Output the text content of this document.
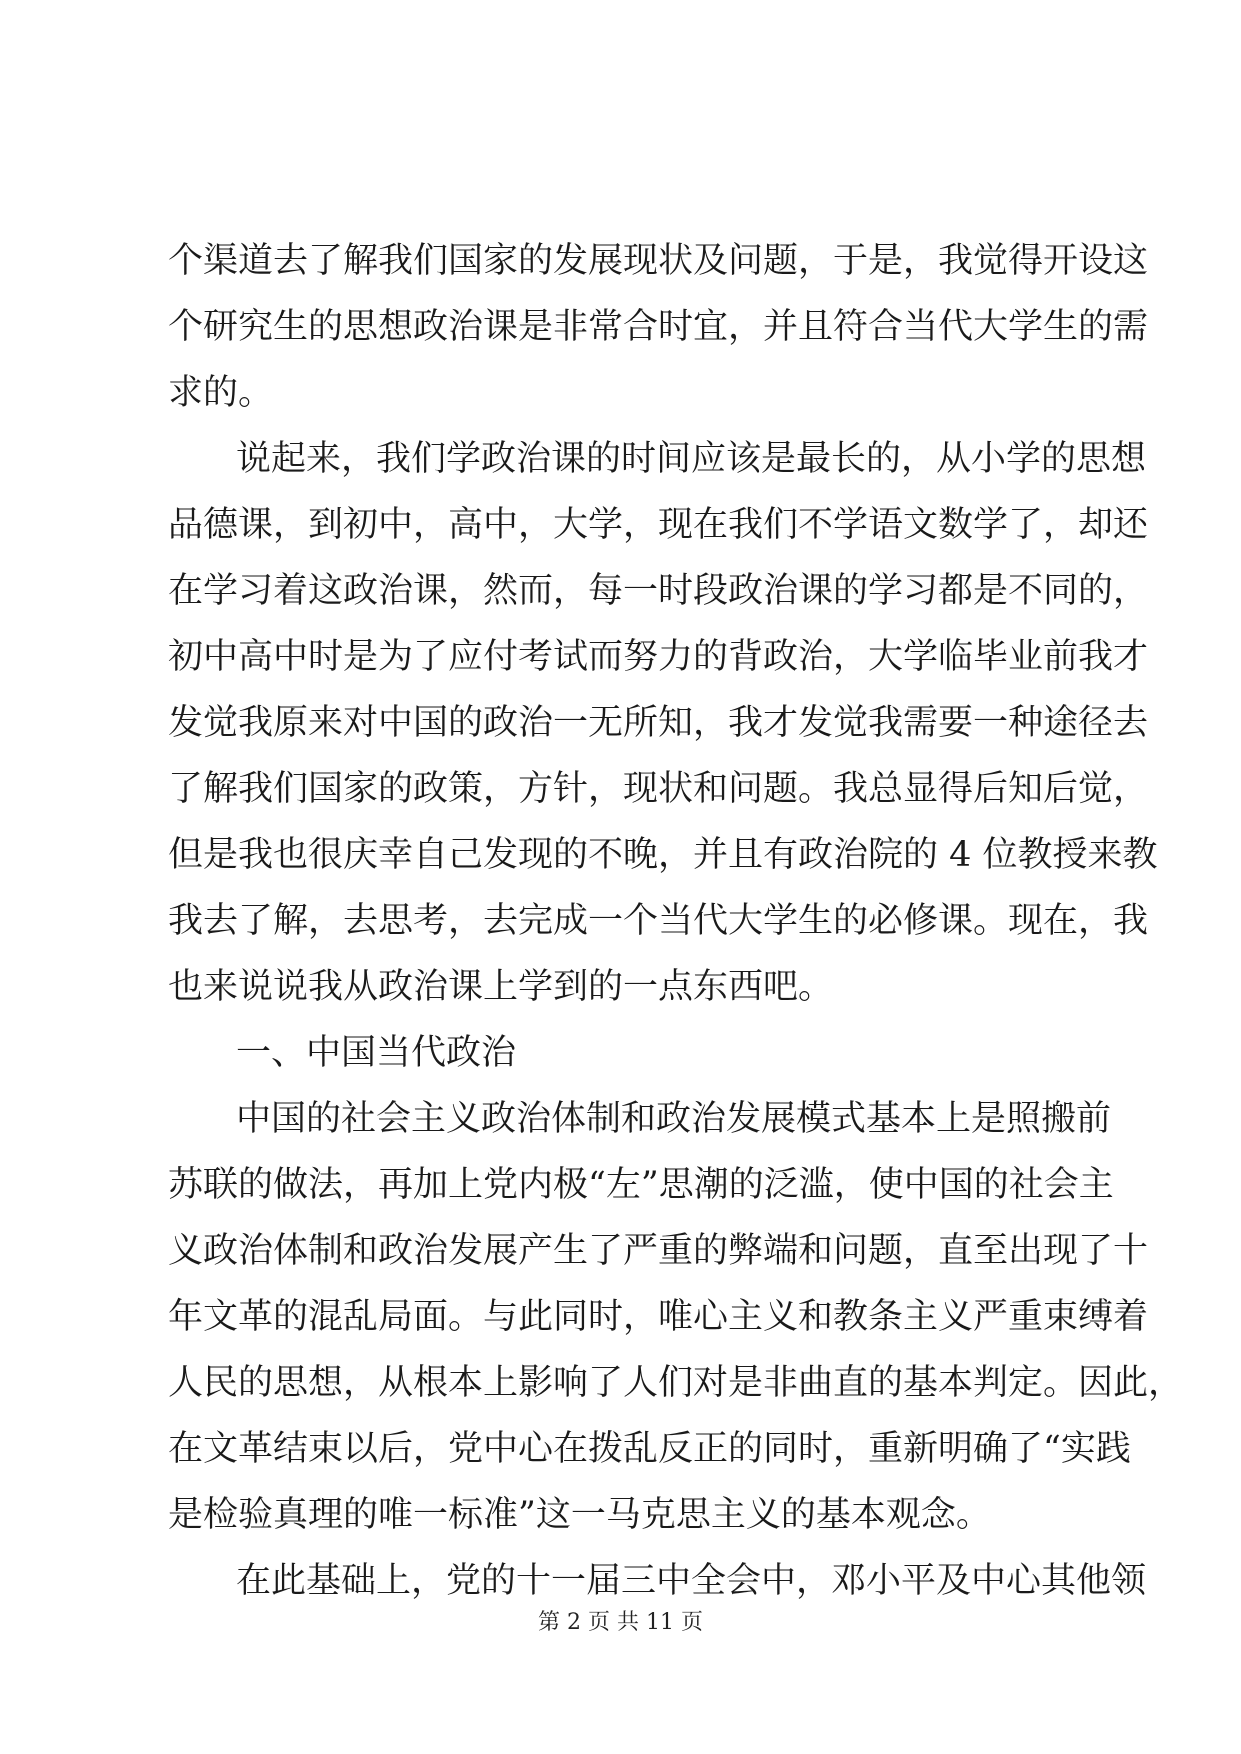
个渠道去了解我们国家的发展现状及问题，于是，我觉得开设这
个研究生的思想政治课是非常合时宜，并且符合当代大学生的需
求的。
说起来，我们学政治课的时间应该是最长的，从小学的思想
品德课，到初中，高中，大学，现在我们不学语文数学了，却还
在学习着这政治课，然而，每一时段政治课的学习都是不同的，
初中高中时是为了应付考试而努力的背政治，大学临毕业前我才
发觉我原来对中国的政治一无所知，我才发觉我需要一种途径去
了解我们国家的政策，方针，现状和问题。我总显得后知后觉，
但是我也很庆幸自己发现的不晚，并且有政治院的 4 位教授来教
我去了解，去思考，去完成一个当代大学生的必修课。现在，我
也来说说我从政治课上学到的一点东西吧。
一、中国当代政治
中国的社会主义政治体制和政治发展模式基本上是照搬前
苏联的做法，再加上党内极“左”思潮的泛滥，使中国的社会主
义政治体制和政治发展产生了严重的弊端和问题，直至出现了十
年文革的混乱局面。与此同时，唯心主义和教条主义严重束缚着
人民的思想，从根本上影响了人们对是非曲直的基本判定。因此，
在文革结束以后，党中心在拨乱反正的同时，重新明确了“实践
是检验真理的唯一标准”这一马克思主义的基本观念。
在此基础上，党的十一届三中全会中，邓小平及中心其他领
第 2 页 共 11 页
